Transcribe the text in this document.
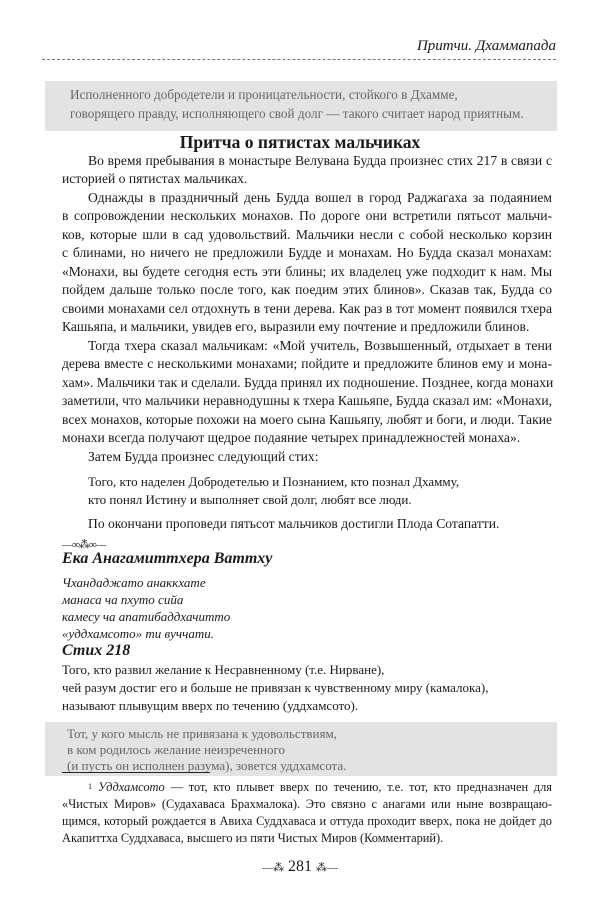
Притчи. Дхаммапада
Исполненного добродетели и проницательности, стойкого в Дхамме,
говорящего правду, исполняющего свой долг — такого считает народ приятным.
Притча о пятистах мальчиках
Во время пребывания в монастыре Велувана Будда произнес стих 217 в связи с
историей о пятистах мальчиках.
Однажды в праздничный день Будда вошел в город Раджагаха за подаянием
в сопровождении нескольких монахов. По дороге они встретили пятьсот мальчи-
ков, которые шли в сад удовольствий. Мальчики несли с собой несколько корзин
с блинами, но ничего не предложили Будде и монахам. Но Будда сказал монахам:
«Монахи, вы будете сегодня есть эти блины; их владелец уже подходит к нам. Мы
пойдем дальше только после того, как поедим этих блинов». Сказав так, Будда со
своими монахами сел отдохнуть в тени дерева. Как раз в тот момент появился тхера
Кашьяпа, и мальчики, увидев его, выразили ему почтение и предложили блинов.
Тогда тхера сказал мальчикам: «Мой учитель, Возвышенный, отдыхает в тени
дерева вместе с несколькими монахами; пойдите и предложите блинов ему и мона-
хам». Мальчики так и сделали. Будда принял их подношение. Позднее, когда монахи
заметили, что мальчики неравнодушны к тхера Кашьяпе, Будда сказал им: «Монахи,
всех монахов, которые похожи на моего сына Кашьяпу, любят и боги, и люди. Такие
монахи всегда получают щедрое подаяние четырех принадлежностей монаха».
Затем Будда произнес следующий стих:
Того, кто наделен Добродетелью и Познанием, кто познал Дхамму,
кто понял Истину и выполняет свой долг, любят все люди.
По окончани проповеди пятьсот мальчиков достигли Плода Сотапатти.
—∞⁂∞—
Ека Анагамиттхера Ваттху
Чхандаджато анаккхате
манаса ча пхуто сийа
камесу ча апатибаддхачитто
«уддхамсото» ти вуччати.
Стих 218
Того, кто развил желание к Несравненному (т.е. Нирване),
чей разум достиг его и больше не привязан к чувственному миру (камалока),
называют плывущим вверх по течению (уддхамсото).
Тот, у кого мысль не привязана к удовольствиям,
в ком родилось желание неизреченного
(и пусть он исполнен разума), зовется уддхамсота.
1 Уддхамсото — тот, кто плывет вверх по течению, т.е. тот, кто предназначен для
«Чистых Миров» (Судахаваса Брахмалока). Это связно с анагами или ныне возвращаю-
щимся, который рождается в Авиха Суддхаваса и оттуда проходит вверх, пока не дойдет до
Акапиттха Суддхаваса, высшего из пяти Чистых Миров (Комментарий).
―⁂ 281 ⁂―
